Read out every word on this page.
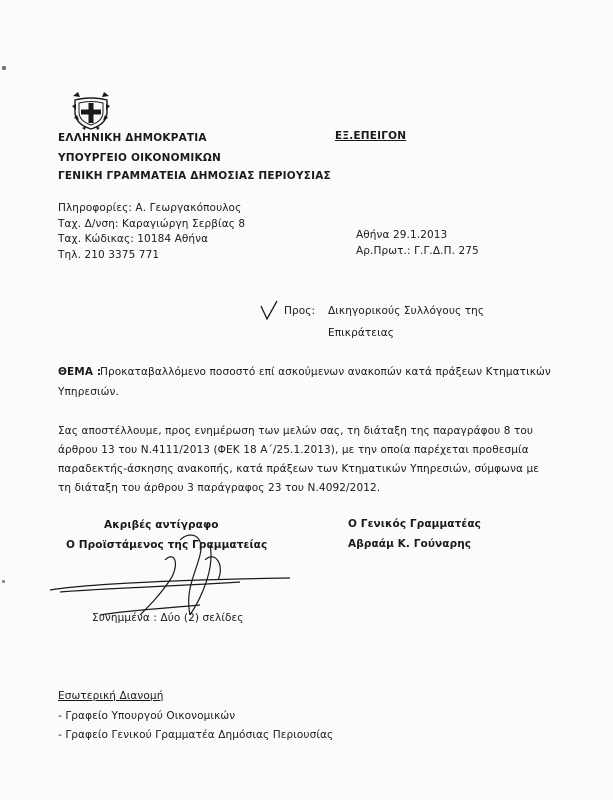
ΕΛΛΗΝΙΚΗ ΔΗΜΟΚΡΑΤΙΑ
ΥΠΟΥΡΓΕΙΟ ΟΙΚΟΝΟΜΙΚΩΝ
ΓΕΝΙΚΗ ΓΡΑΜΜΑΤΕΙΑ ΔΗΜΟΣΙΑΣ ΠΕΡΙΟΥΣΙΑΣ
ΕΞ.ΕΠΕΙΓΟΝ
Πληροφορίες: Α. Γεωργακόπουλος
Ταχ. Δ/νση: Καραγιώργη Σερβίας 8
Ταχ. Κώδικας: 10184 Αθήνα
Τηλ. 210 3375 771
Αθήνα 29.1.2013
Αρ.Πρωτ.: Γ.Γ.Δ.Π. 275
Προς: Δικηγορικούς Συλλόγους της
Επικράτειας
ΘΕΜΑ :
Προκαταβαλλόμενο ποσοστό επί ασκούμενων ανακοπών κατά πράξεων Κτηματικών
Υπηρεσιών.
Σας αποστέλλουμε, προς ενημέρωση των μελών σας, τη διάταξη της παραγράφου 8 του
άρθρου 13 του Ν.4111/2013 (ΦΕΚ 18 Α΄/25.1.2013), με την οποία παρέχεται προθεσμία
παραδεκτής-άσκησης ανακοπής, κατά πράξεων των Κτηματικών Υπηρεσιών, σύμφωνα με
τη διάταξη του άρθρου 3 παράγραφος 23 του Ν.4092/2012.
Ακριβές αντίγραφο
Ο Προϊστάμενος της Γραμματείας
Ο Γενικός Γραμματέας
Αβραάμ Κ. Γούναρης
Συνημμένα : Δύο (2) σελίδες
Εσωτερική Διανομή
- Γραφείο Υπουργού Οικονομικών
- Γραφείο Γενικού Γραμματέα Δημόσιας Περιουσίας
